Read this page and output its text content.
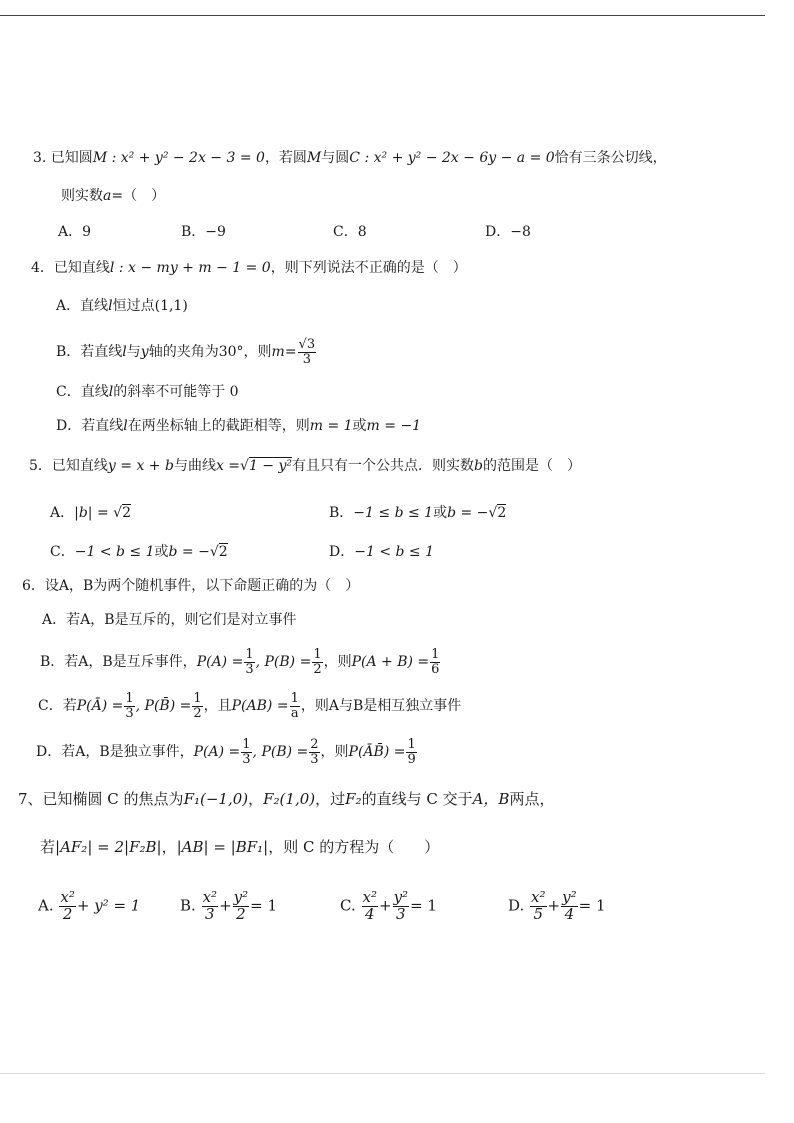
3. 已知圆M : x² + y² − 2x − 3 = 0，若圆M与圆C : x² + y² − 2x − 6y − a = 0恰有三条公切线，
则实数a=（　）
A．9	B．−9	C．8	D．−8
4．已知直线l : x − my + m − 1 = 0，则下列说法不正确的是（　）
A．直线l恒过点(1,1)
B．若直线l与y轴的夹角为30°，则$m= \frac{√3}{3}$
C．直线l的斜率不可能等于 0
D．若直线l在两坐标轴上的截距相等，则m = 1或m = −1
5．已知直线y = x + b与曲线x = √ 1 − y²有且只有一个公共点．则实数b的范围是（　）
A．|b| = √ 2	B．−1 ≤ b ≤ 1或b = − √ 2
C．−1 < b ≤ 1或b = − √ 2	D．−1 < b ≤ 1
6．设A，B为两个随机事件，以下命题正确的为（　）
A．若A，B是互斥的，则它们是对立事件
B．若A，B是互斥事件，$P(A) = \frac{1}{3}$ , $P(B) = \frac{1}{2}$ ，则$P(A + B) = \frac{1}{6}$
C．若P(Ā) = $\frac{1}{3}$ , P(B̄) = $\frac{1}{2}$ ，且$P(AB) = \frac{1}{a}$ ，则A与B是相互独立事件
D．若A，B是独立事件，$P(A) = \frac{1}{3}$ , $P(B) = \frac{2}{3}$ ，则P(ĀB̄) = $\frac{1}{9}$
7、已知椭圆 C 的焦点为F₁(−1,0)，F₂(1,0)，过F₂的直线与 C 交于A，B两点，
若|AF₂| = 2|F₂B|，|AB| = |BF₁|，则 C 的方程为（　　）
A. $\frac{\text{x²}}{2} + y^2 = 1$	B. $\frac{\text{x²}}{3} + \frac{\text{y²}}{2} = 1$	C. $\frac{\text{x²}}{4} + \frac{\text{y²}}{3} = 1$	D. $\frac{\text{x²}}{5} + \frac{\text{y²}}{4} = 1$
